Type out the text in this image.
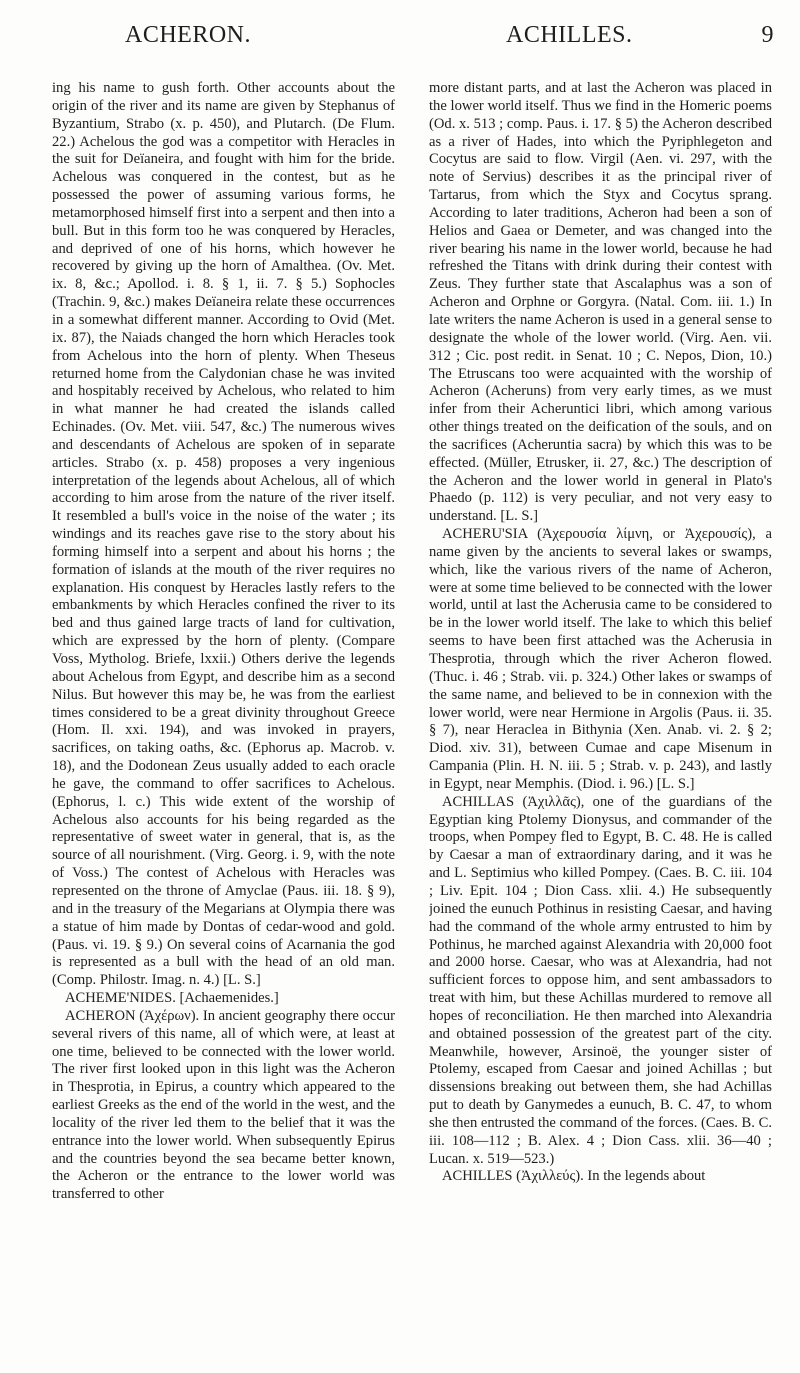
ACHERON.	ACHILLES.	9

ing his name to gush forth. Other accounts about the origin of the river and its name are given by Stephanus of Byzantium, Strabo (x. p. 450), and Plutarch. (De Flum. 22.) Achelous the god was a competitor with Heracles in the suit for Deïaneira, and fought with him for the bride. Achelous was conquered in the contest, but as he possessed the power of assuming various forms, he metamorphosed himself first into a serpent and then into a bull. But in this form too he was conquered by Heracles, and deprived of one of his horns, which however he recovered by giving up the horn of Amalthea. (Ov. Met. ix. 8, &c.; Apollod. i. 8. § 1, ii. 7. § 5.) Sophocles (Trachin. 9, &c.) makes Deïaneira relate these occurrences in a somewhat different manner. According to Ovid (Met. ix. 87), the Naiads changed the horn which Heracles took from Achelous into the horn of plenty. When Theseus returned home from the Calydonian chase he was invited and hospitably received by Achelous, who related to him in what manner he had created the islands called Echinades. (Ov. Met. viii. 547, &c.) The numerous wives and descendants of Achelous are spoken of in separate articles. Strabo (x. p. 458) proposes a very ingenious interpretation of the legends about Achelous, all of which according to him arose from the nature of the river itself. It resembled a bull's voice in the noise of the water ; its windings and its reaches gave rise to the story about his forming himself into a serpent and about his horns ; the formation of islands at the mouth of the river requires no explanation. His conquest by Heracles lastly refers to the embankments by which Heracles confined the river to its bed and thus gained large tracts of land for cultivation, which are expressed by the horn of plenty. (Compare Voss, Mytholog. Briefe, lxxii.) Others derive the legends about Achelous from Egypt, and describe him as a second Nilus. But however this may be, he was from the earliest times considered to be a great divinity throughout Greece (Hom. Il. xxi. 194), and was invoked in prayers, sacrifices, on taking oaths, &c. (Ephorus ap. Macrob. v. 18), and the Dodonean Zeus usually added to each oracle he gave, the command to offer sacrifices to Achelous. (Ephorus, l. c.) This wide extent of the worship of Achelous also accounts for his being regarded as the representative of sweet water in general, that is, as the source of all nourishment. (Virg. Georg. i. 9, with the note of Voss.) The contest of Achelous with Heracles was represented on the throne of Amyclae (Paus. iii. 18. § 9), and in the treasury of the Megarians at Olympia there was a statue of him made by Dontas of cedar-wood and gold. (Paus. vi. 19. § 9.) On several coins of Acarnania the god is represented as a bull with the head of an old man. (Comp. Philostr. Imag. n. 4.) [L. S.]

ACHEME'NIDES. [Achaemenides.]

ACHERON (Ἀχέρων). In ancient geography there occur several rivers of this name, all of which were, at least at one time, believed to be connected with the lower world. The river first looked upon in this light was the Acheron in Thesprotia, in Epirus, a country which appeared to the earliest Greeks as the end of the world in the west, and the locality of the river led them to the belief that it was the entrance into the lower world. When subsequently Epirus and the countries beyond the sea became better known, the Acheron or the entrance to the lower world was transferred to other

more distant parts, and at last the Acheron was placed in the lower world itself. Thus we find in the Homeric poems (Od. x. 513 ; comp. Paus. i. 17. § 5) the Acheron described as a river of Hades, into which the Pyriphlegeton and Cocytus are said to flow. Virgil (Aen. vi. 297, with the note of Servius) describes it as the principal river of Tartarus, from which the Styx and Cocytus sprang. According to later traditions, Acheron had been a son of Helios and Gaea or Demeter, and was changed into the river bearing his name in the lower world, because he had refreshed the Titans with drink during their contest with Zeus. They further state that Ascalaphus was a son of Acheron and Orphne or Gorgyra. (Natal. Com. iii. 1.) In late writers the name Acheron is used in a general sense to designate the whole of the lower world. (Virg. Aen. vii. 312 ; Cic. post redit. in Senat. 10 ; C. Nepos, Dion, 10.) The Etruscans too were acquainted with the worship of Acheron (Acheruns) from very early times, as we must infer from their Acheruntici libri, which among various other things treated on the deification of the souls, and on the sacrifices (Acheruntia sacra) by which this was to be effected. (Müller, Etrusker, ii. 27, &c.) The description of the Acheron and the lower world in general in Plato's Phaedo (p. 112) is very peculiar, and not very easy to understand. [L. S.]

ACHERU'SIA (Ἀχερουσία λίμνη, or Ἀχερουσίς), a name given by the ancients to several lakes or swamps, which, like the various rivers of the name of Acheron, were at some time believed to be connected with the lower world, until at last the Acherusia came to be considered to be in the lower world itself. The lake to which this belief seems to have been first attached was the Acherusia in Thesprotia, through which the river Acheron flowed. (Thuc. i. 46 ; Strab. vii. p. 324.) Other lakes or swamps of the same name, and believed to be in connexion with the lower world, were near Hermione in Argolis (Paus. ii. 35. § 7), near Heraclea in Bithynia (Xen. Anab. vi. 2. § 2; Diod. xiv. 31), between Cumae and cape Misenum in Campania (Plin. H. N. iii. 5 ; Strab. v. p. 243), and lastly in Egypt, near Memphis. (Diod. i. 96.) [L. S.]

ACHILLAS (Ἀχιλλᾶς), one of the guardians of the Egyptian king Ptolemy Dionysus, and commander of the troops, when Pompey fled to Egypt, B. C. 48. He is called by Caesar a man of extraordinary daring, and it was he and L. Septimius who killed Pompey. (Caes. B. C. iii. 104 ; Liv. Epit. 104 ; Dion Cass. xlii. 4.) He subsequently joined the eunuch Pothinus in resisting Caesar, and having had the command of the whole army entrusted to him by Pothinus, he marched against Alexandria with 20,000 foot and 2000 horse. Caesar, who was at Alexandria, had not sufficient forces to oppose him, and sent ambassadors to treat with him, but these Achillas murdered to remove all hopes of reconciliation. He then marched into Alexandria and obtained possession of the greatest part of the city. Meanwhile, however, Arsinoë, the younger sister of Ptolemy, escaped from Caesar and joined Achillas ; but dissensions breaking out between them, she had Achillas put to death by Ganymedes a eunuch, B. C. 47, to whom she then entrusted the command of the forces. (Caes. B. C. iii. 108—112 ; B. Alex. 4 ; Dion Cass. xlii. 36—40 ; Lucan. x. 519—523.)

ACHILLES (Ἀχιλλεύς). In the legends about
